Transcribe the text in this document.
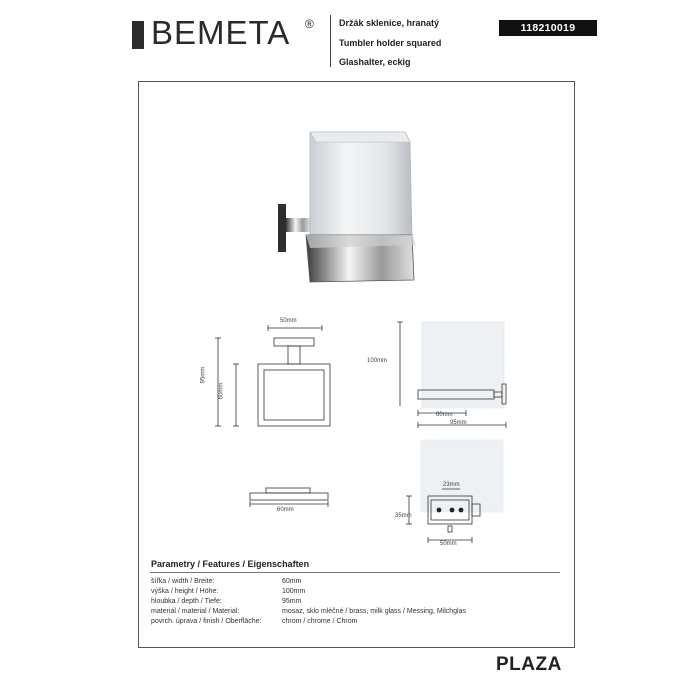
BEMETA ®	Držák sklenice, hranatý
Tumbler holder squared
Glashalter, eckig
118210019
50mm
95mm
60mm
100mm
60mm
95mm
60mm
23mm
35mm
50mm
Parametry / Features / Eigenschaften
šířka / width / Breite:	60mm
výška / height / Höhe:	100mm
hloubka / depth / Tiefe:	95mm
materiál / material / Material:	mosaz, sklo mléčné / brass, milk glass / Messing, Milchglas
povrch. úprava / finish / Oberfläche:	chrom / chrome / Chrom
PLAZA
